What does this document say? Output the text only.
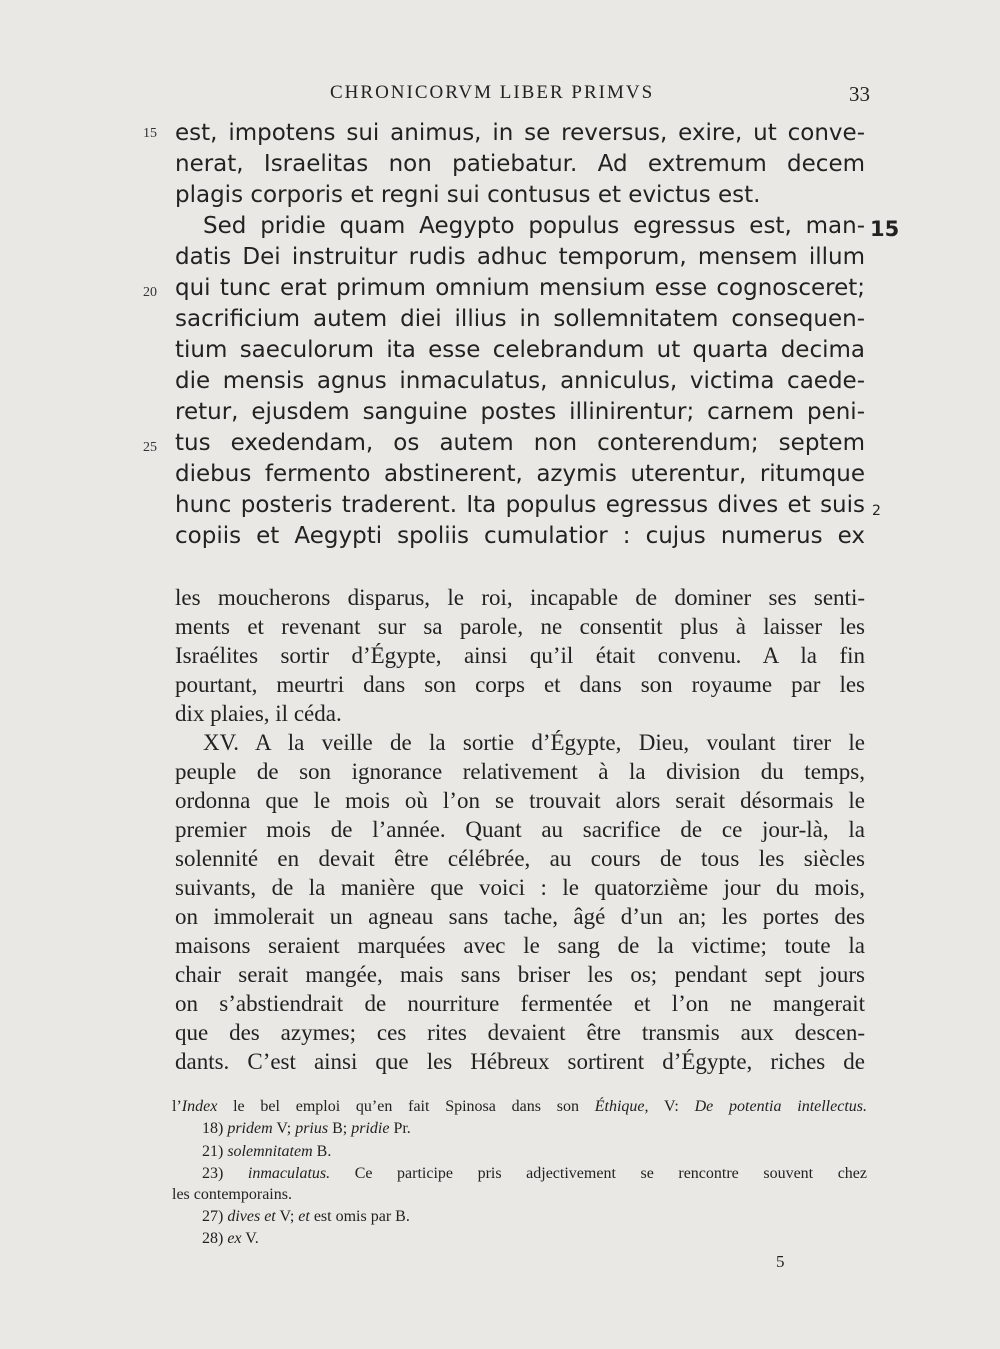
CHRONICORVM LIBER PRIMVS	33
est, impotens sui animus, in se reversus, exire, ut conve-
nerat, Israelitas non patiebatur. Ad extremum decem
plagis corporis et regni sui contusus et evictus est.
Sed pridie quam Aegypto populus egressus est, man-
datis Dei instruitur rudis adhuc temporum, mensem illum
qui tunc erat primum omnium mensium esse cognosceret;
sacrificium autem diei illius in sollemnitatem consequen-
tium saeculorum ita esse celebrandum ut quarta decima
die mensis agnus inmaculatus, anniculus, victima caede-
retur, ejusdem sanguine postes illinirentur; carnem peni-
tus exedendam, os autem non conterendum; septem
diebus fermento abstinerent, azymis uterentur, ritumque
hunc posteris traderent. Ita populus egressus dives et suis
copiis et Aegypti spoliis cumulatior : cujus numerus ex
15
20
25
15
2
les moucherons disparus, le roi, incapable de dominer ses senti-
ments et revenant sur sa parole, ne consentit plus à laisser les
Israélites sortir d’Égypte, ainsi qu’il était convenu. A la fin
pourtant, meurtri dans son corps et dans son royaume par les
dix plaies, il céda.
XV. A la veille de la sortie d’Égypte, Dieu, voulant tirer le
peuple de son ignorance relativement à la division du temps,
ordonna que le mois où l’on se trouvait alors serait désormais le
premier mois de l’année. Quant au sacrifice de ce jour-là, la
solennité en devait être célébrée, au cours de tous les siècles
suivants, de la manière que voici : le quatorzième jour du mois,
on immolerait un agneau sans tache, âgé d’un an; les portes des
maisons seraient marquées avec le sang de la victime; toute la
chair serait mangée, mais sans briser les os; pendant sept jours
on s’abstiendrait de nourriture fermentée et l’on ne mangerait
que des azymes; ces rites devaient être transmis aux descen-
dants. C’est ainsi que les Hébreux sortirent d’Égypte, riches de
l’Index le bel emploi qu’en fait Spinosa dans son Éthique, V: De potentia intellectus.
18) pridem V; prius B; pridie Pr.
21) solemnitatem B.
23) inmaculatus. Ce participe pris adjectivement se rencontre souvent chez
les contemporains.
27) dives et V; et est omis par B.
28) ex V.
5
